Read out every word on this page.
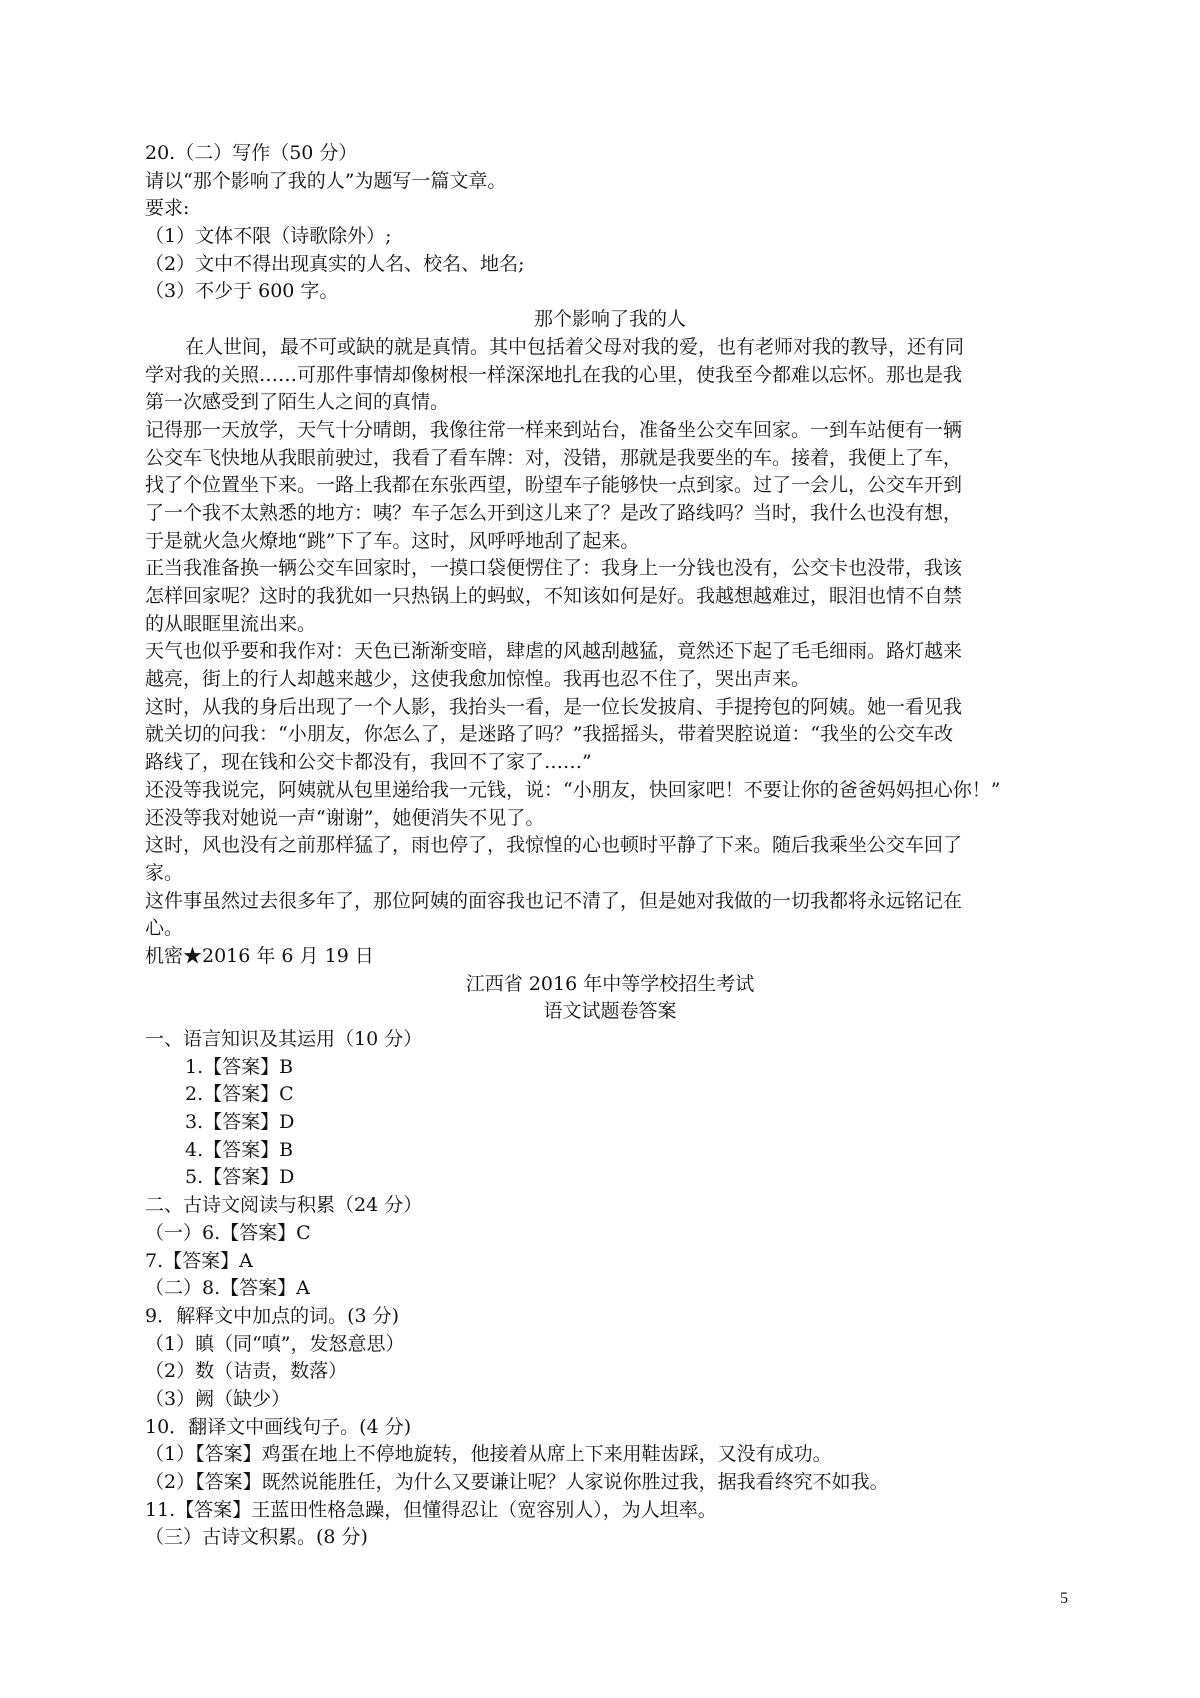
20.（二）写作（50 分）
请以“那个影响了我的人”为题写一篇文章。
要求:
（1）文体不限（诗歌除外）;
（2）文中不得出现真实的人名、校名、地名;
（3）不少于 600 字。
那个影响了我的人
在人世间，最不可或缺的就是真情。其中包括着父母对我的爱，也有老师对我的教导，还有同
学对我的关照……可那件事情却像树根一样深深地扎在我的心里，使我至今都难以忘怀。那也是我
第一次感受到了陌生人之间的真情。
记得那一天放学，天气十分晴朗，我像往常一样来到站台，准备坐公交车回家。一到车站便有一辆
公交车飞快地从我眼前驶过，我看了看车牌：对，没错，那就是我要坐的车。接着，我便上了车，
找了个位置坐下来。一路上我都在东张西望，盼望车子能够快一点到家。过了一会儿，公交车开到
了一个我不太熟悉的地方：咦？车子怎么开到这儿来了？是改了路线吗？当时，我什么也没有想，
于是就火急火燎地“跳”下了车。这时，风呼呼地刮了起来。
正当我准备换一辆公交车回家时，一摸口袋便愣住了：我身上一分钱也没有，公交卡也没带，我该
怎样回家呢？这时的我犹如一只热锅上的蚂蚁，不知该如何是好。我越想越难过，眼泪也情不自禁
的从眼眶里流出来。
天气也似乎要和我作对：天色已渐渐变暗，肆虐的风越刮越猛，竟然还下起了毛毛细雨。路灯越来
越亮，街上的行人却越来越少，这使我愈加惊惶。我再也忍不住了，哭出声来。
这时，从我的身后出现了一个人影，我抬头一看，是一位长发披肩、手提挎包的阿姨。她一看见我
就关切的问我：“小朋友，你怎么了，是迷路了吗？”我摇摇头，带着哭腔说道：“我坐的公交车改
路线了，现在钱和公交卡都没有，我回不了家了……”
还没等我说完，阿姨就从包里递给我一元钱，说：“小朋友，快回家吧！不要让你的爸爸妈妈担心你！”
还没等我对她说一声“谢谢”，她便消失不见了。
这时，风也没有之前那样猛了，雨也停了，我惊惶的心也顿时平静了下来。随后我乘坐公交车回了
家。
这件事虽然过去很多年了，那位阿姨的面容我也记不清了，但是她对我做的一切我都将永远铭记在
心。
机密★2016 年 6 月 19 日
江西省 2016 年中等学校招生考试
语文试题卷答案
一、语言知识及其运用（10 分）
1.【答案】B
2.【答案】C
3.【答案】D
4.【答案】B
5.【答案】D
二、古诗文阅读与积累（24 分）
（一）6.【答案】C
7.【答案】A
（二）8.【答案】A
9．解释文中加点的词。(3 分)
（1）瞋（同“嗔”，发怒意思）
（2）数（诘责，数落）
（3）阙（缺少）
10．翻译文中画线句子。(4 分)
（1）【答案】鸡蛋在地上不停地旋转，他接着从席上下来用鞋齿踩，又没有成功。
（2）【答案】既然说能胜任，为什么又要谦让呢？人家说你胜过我，据我看终究不如我。
11.【答案】王蓝田性格急躁，但懂得忍让（宽容别人），为人坦率。
（三）古诗文积累。(8 分)
5
